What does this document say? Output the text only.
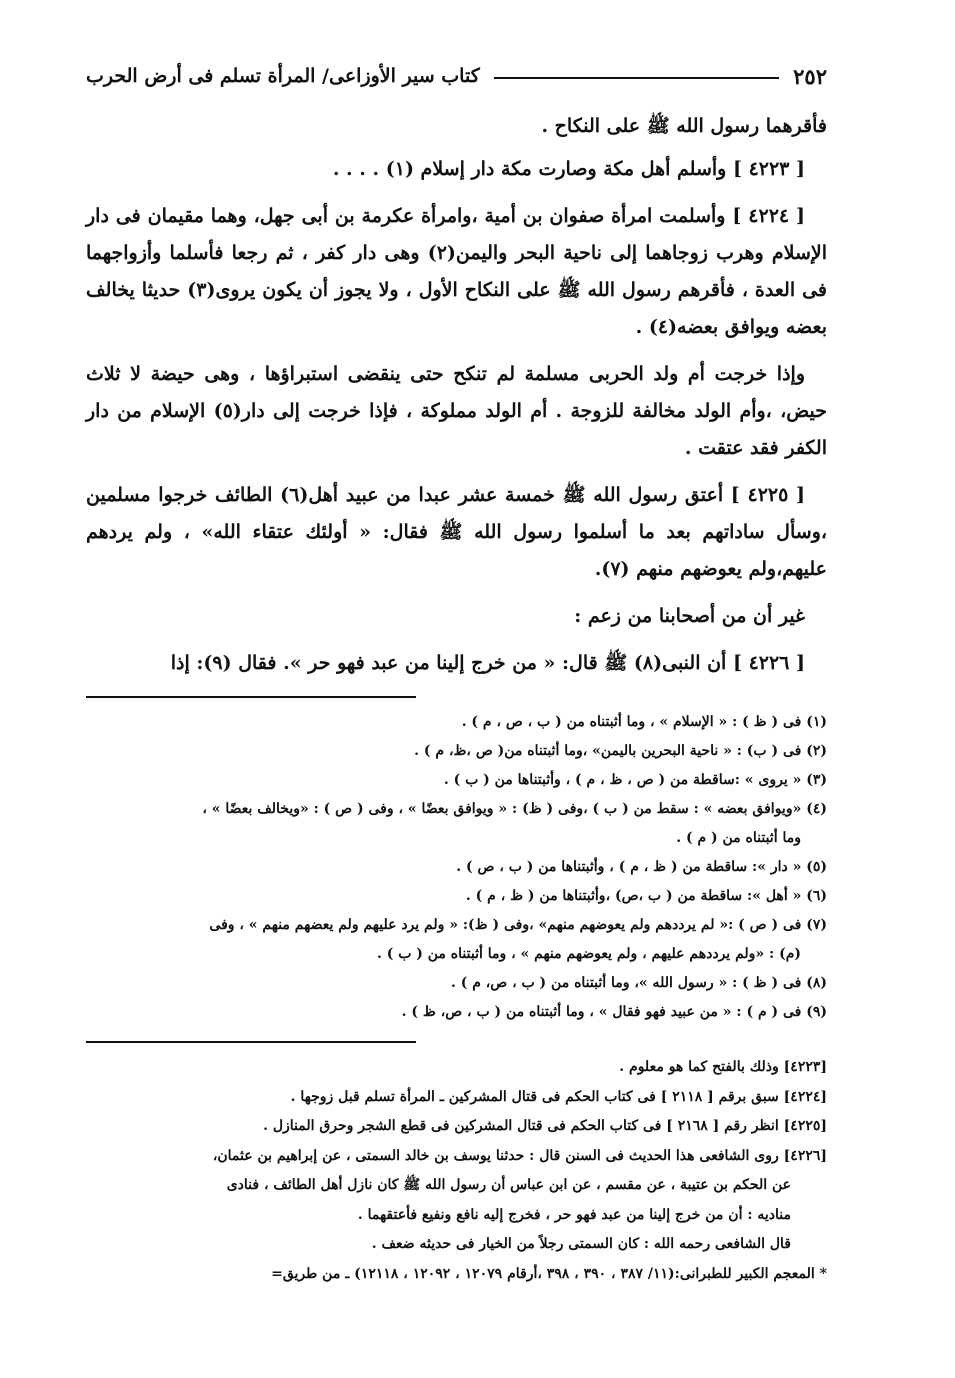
٢٥٢
كتاب سير الأوزاعى/ المرأة تسلم فى أرض الحرب

فأقرهما رسول الله ﷺ على النكاح .

[ ٤٢٢٣ ] وأسلم أهل مكة وصارت مكة دار إسلام (١) . . . .

[ ٤٢٢٤ ] وأسلمت امرأة صفوان بن أمية ،وامرأة عكرمة بن أبى جهل، وهما مقيمان فى دار الإسلام وهرب زوجاهما إلى ناحية البحر واليمن(٢) وهى دار كفر ، ثم رجعا فأسلما وأزواجهما فى العدة ، فأقرهم رسول الله ﷺ على النكاح الأول ، ولا يجوز أن يكون يروى(٣) حديثا يخالف بعضه ويوافق بعضه(٤) .

وإذا خرجت أم ولد الحربى مسلمة لم تنكح حتى ينقضى استبراؤها ، وهى حيضة لا ثلاث حيض، ،وأم الولد مخالفة للزوجة . أم الولد مملوكة ، فإذا خرجت إلى دار(٥) الإسلام من دار الكفر فقد عتقت .

[ ٤٢٢٥ ] أعتق رسول الله ﷺ خمسة عشر عبدا من عبيد أهل(٦) الطائف خرجوا مسلمين ،وسأل ساداتهم بعد ما أسلموا رسول الله ﷺ فقال: « أولئك عتقاء الله» ، ولم يردهم عليهم،ولم يعوضهم منهم (٧).

غير أن من أصحابنا من زعم :

[ ٤٢٢٦ ] أن النبى(٨) ﷺ قال: « من خرج إلينا من عبد فهو حر ». فقال (٩): إذا

(١) فى ( ظ ) : « الإسلام » ، وما أثبتناه من ( ب ، ص ، م ) .

(٢) فى ( ب) : « ناحية البحرين باليمن» ،وما أثبتناه من( ص ،ظ، م ) .

(٣) « يروى » :ساقطة من ( ص ، ظ ، م ) ، وأثبتناها من ( ب ) .

(٤) «ويوافق بعضه » : سقط من ( ب ) ،وفى ( ظ) : « ويوافق بعضًا » ، وفى ( ص ) : «ويخالف بعضًا » ،
وما أثبتناه من ( م ) .

(٥) « دار »: ساقطة من ( ظ ، م ) ، وأثبتناها من ( ب ، ص ) .

(٦) « أهل »: ساقطة من ( ب ،ص) ،وأثبتناها من ( ظ ، م ) .

(٧) فى ( ص ) :« لم يرددهم ولم يعوضهم منهم» ،وفى ( ظ): « ولم يرد عليهم ولم يعضهم منهم » ، وفى
(م) : «ولم يرددهم عليهم ، ولم يعوضهم منهم » ، وما أثبتناه من ( ب ) .

(٨) فى ( ظ ) : « رسول الله »، وما أثبتناه من ( ب ، ص، م ) .

(٩) فى ( م ) : « من عبيد فهو فقال » ، وما أثبتناه من ( ب ، ص، ظ ) .

[٤٢٢٣] وذلك بالفتح كما هو معلوم .

[٤٢٢٤] سبق برقم [ ٢١١٨ ] فى كتاب الحكم فى قتال المشركين ـ المرأة تسلم قبل زوجها .

[٤٢٢٥] انظر رقم [ ٢١٦٨ ] فى كتاب الحكم فى قتال المشركين فى قطع الشجر وحرق المنازل .

[٤٢٢٦] روى الشافعى هذا الحديث فى السنن قال : حدثنا يوسف بن خالد السمتى ، عن إبراهيم بن عثمان،
عن الحكم بن عتيبة ، عن مقسم ، عن ابن عباس أن رسول الله ﷺ كان نازل أهل الطائف ، فنادى
مناديه : أن من خرج إلينا من عبد فهو حر ، فخرج إليه نافع ونفيع فأعتقهما .
قال الشافعى رحمه الله : كان السمتى رجلاً من الخيار فى حديثه ضعف .

* المعجم الكبير للطبرانى:(١١/ ٣٨٧ ، ٣٩٠ ، ٣٩٨ ،أرقام ١٢٠٧٩ ، ١٢٠٩٢ ، ١٢١١٨) ـ من طريق=
